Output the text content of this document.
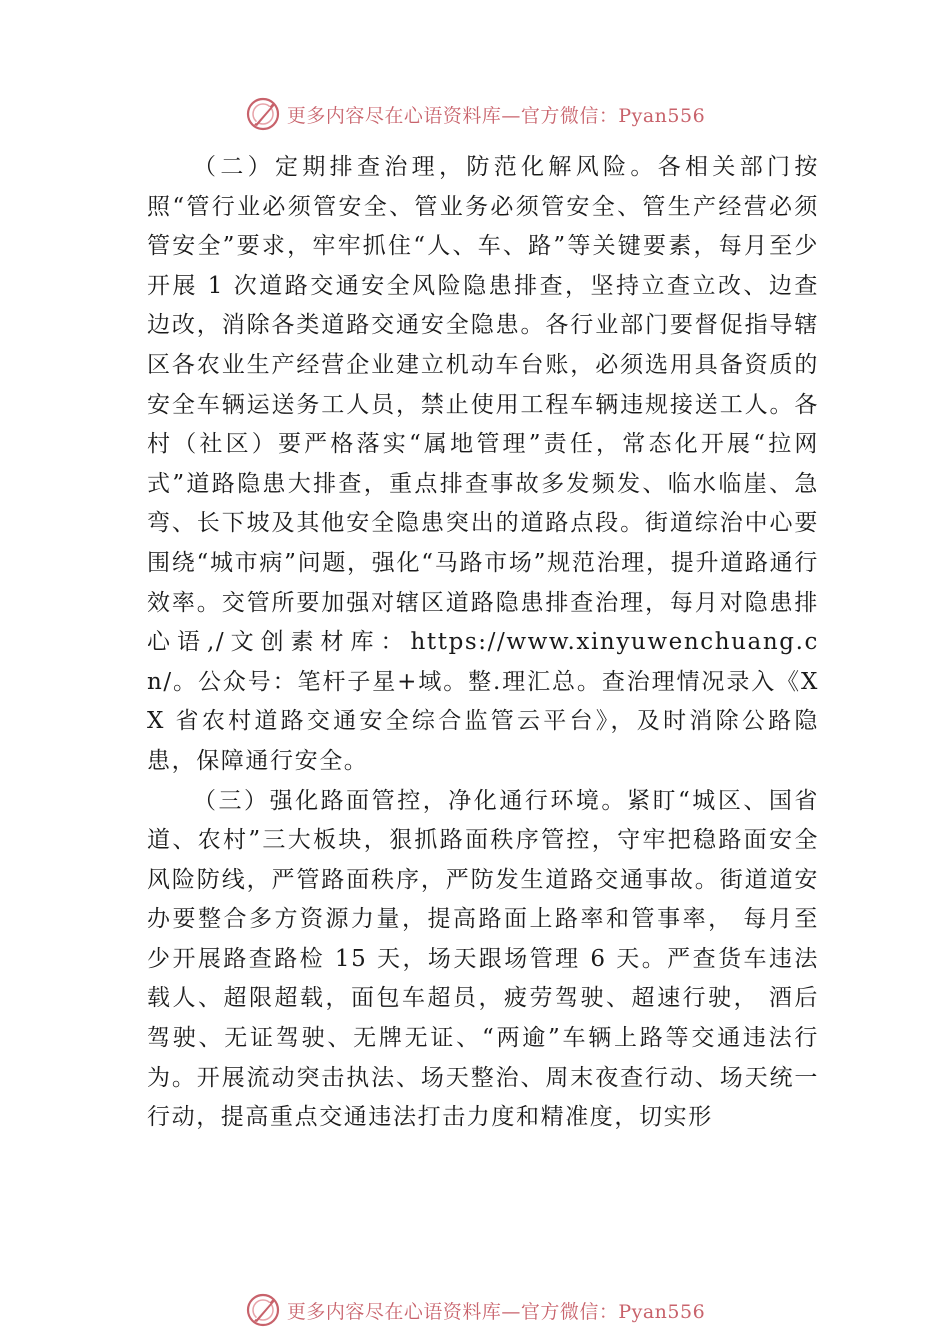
更多内容尽在心语资料库—官方微信：Pyan556

（二）定期排查治理，防范化解风险。各相关部门按照“管行业必须管安全、管业务必须管安全、管生产经营必须管安全”要求，牢牢抓住“人、车、路”等关键要素，每月至少开展 1 次道路交通安全风险隐患排查，坚持立查立改、边查边改，消除各类道路交通安全隐患。各行业部门要督促指导辖区各农业生产经营企业建立机动车台账，必须选用具备资质的安全车辆运送务工人员，禁止使用工程车辆违规接送工人。各村（社区）要严格落实“属地管理”责任，常态化开展“拉网式”道路隐患大排查，重点排查事故多发频发、临水临崖、急弯、长下坡及其他安全隐患突出的道路点段。街道综治中心要围绕“城市病”问题，强化“马路市场”规范治理，提升道路通行效率。交管所要加强对辖区道路隐患排查治理，每月对隐患排心语,/文创素材库：https://www.xinyuwenchuang.cn/。公众号：笔杆子星+域。整.理汇总。查治理情况录入《XX 省农村道路交通安全综合监管云平台》，及时消除公路隐患，保障通行安全。

（三）强化路面管控，净化通行环境。紧盯“城区、国省道、农村”三大板块，狠抓路面秩序管控，守牢把稳路面安全风险防线，严管路面秩序，严防发生道路交通事故。街道道安办要整合多方资源力量，提高路面上路率和管事率， 每月至少开展路查路检 15 天，场天跟场管理 6 天。严查货车违法载人、超限超载，面包车超员，疲劳驾驶、超速行驶， 酒后驾驶、无证驾驶、无牌无证、“两逾”车辆上路等交通违法行为。开展流动突击执法、场天整治、周末夜查行动、场天统一行动，提高重点交通违法打击力度和精准度，切实形

更多内容尽在心语资料库—官方微信：Pyan556
